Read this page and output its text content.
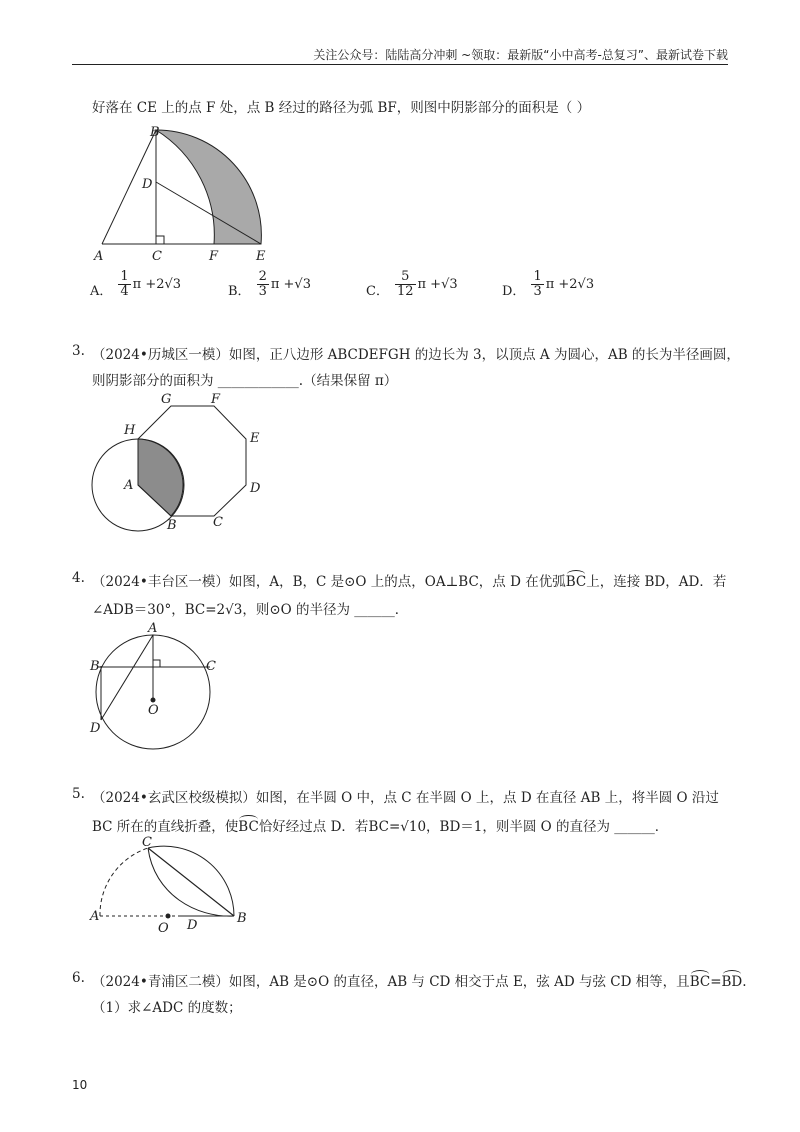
关注公众号：陆陆高分冲刺 ~领取：最新版“小中高考-总复习”、最新试卷下载
好落在 CE 上的点 F 处，点 B 经过的路径为弧 BF，则图中阴影部分的面积是（ ）
B
D
A	C	F	E
A． $\frac{1}{4}$ π +2√3	B． $\frac{2}{3}$ π +√3	C． $\frac{5}{12}$ π +√3	D． $\frac{1}{3}$ π +2√3
3. （2024•历城区一模）如图，正八边形 ABCDEFGH 的边长为 3，以顶点 A 为圆心，AB 的长为半径画圆，
则阴影部分的面积为 ____________.（结果保留 π）
G	F
H
E
A	D
B	C
4. （2024•丰台区一模）如图，A，B，C 是⊙O 上的点，OA⊥BC，点 D 在优弧BC上，连接 BD，AD．若
∠ADB＝30°，BC=2√3，则⊙O 的半径为 ______．
A
B	C
O
D
5. （2024•玄武区校级模拟）如图，在半圆 O 中，点 C 在半圆 O 上，点 D 在直径 AB 上，将半圆 O 沿过
BC 所在的直线折叠，使BC恰好经过点 D．若BC=√10，BD＝1，则半圆 O 的直径为 ______．
C
A
O D	B
6. （2024•青浦区二模）如图，AB 是⊙O 的直径，AB 与 CD 相交于点 E，弦 AD 与弦 CD 相等，且BC=BD.
（1）求∠ADC 的度数；
10
